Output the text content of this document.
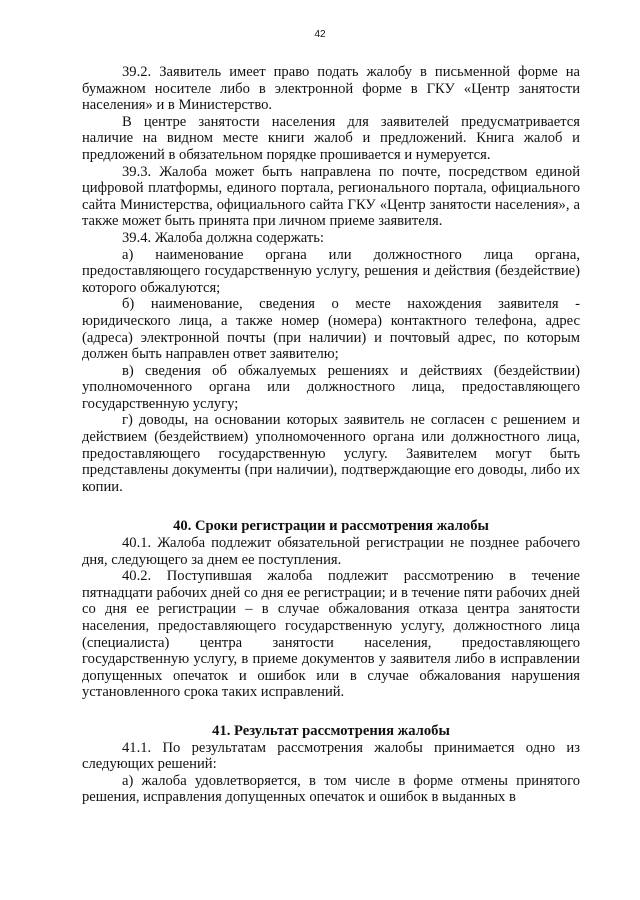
42

39.2. Заявитель имеет право подать жалобу в письменной форме на бумажном носителе либо в электронной форме в ГКУ «Центр занятости населения» и в Министерство.

В центре занятости населения для заявителей предусматривается наличие на видном месте книги жалоб и предложений. Книга жалоб и предложений в обязательном порядке прошивается и нумеруется.

39.3. Жалоба может быть направлена по почте, посредством единой цифровой платформы, единого портала, регионального портала, официального сайта Министерства, официального сайта ГКУ «Центр занятости населения», а также может быть принята при личном приеме заявителя.

39.4. Жалоба должна содержать:

а) наименование органа или должностного лица органа, предоставляющего государственную услугу, решения и действия (бездействие) которого обжалуются;

б) наименование, сведения о месте нахождения заявителя - юридического лица, а также номер (номера) контактного телефона, адрес (адреса) электронной почты (при наличии) и почтовый адрес, по которым должен быть направлен ответ заявителю;

в) сведения об обжалуемых решениях и действиях (бездействии) уполномоченного органа или должностного лица, предоставляющего государственную услугу;

г) доводы, на основании которых заявитель не согласен с решением и действием (бездействием) уполномоченного органа или должностного лица, предоставляющего государственную услугу. Заявителем могут быть представлены документы (при наличии), подтверждающие его доводы, либо их копии.

40. Сроки регистрации и рассмотрения жалобы

40.1. Жалоба подлежит обязательной регистрации не позднее рабочего дня, следующего за днем ее поступления.

40.2. Поступившая жалоба подлежит рассмотрению в течение пятнадцати рабочих дней со дня ее регистрации; и в течение пяти рабочих дней со дня ее регистрации – в случае обжалования отказа центра занятости населения, предоставляющего государственную услугу, должностного лица (специалиста) центра занятости населения, предоставляющего государственную услугу, в приеме документов у заявителя либо в исправлении допущенных опечаток и ошибок или в случае обжалования нарушения установленного срока таких исправлений.

41. Результат рассмотрения жалобы

41.1. По результатам рассмотрения жалобы принимается одно из следующих решений:

а) жалоба удовлетворяется, в том числе в форме отмены принятого решения, исправления допущенных опечаток и ошибок в выданных в
